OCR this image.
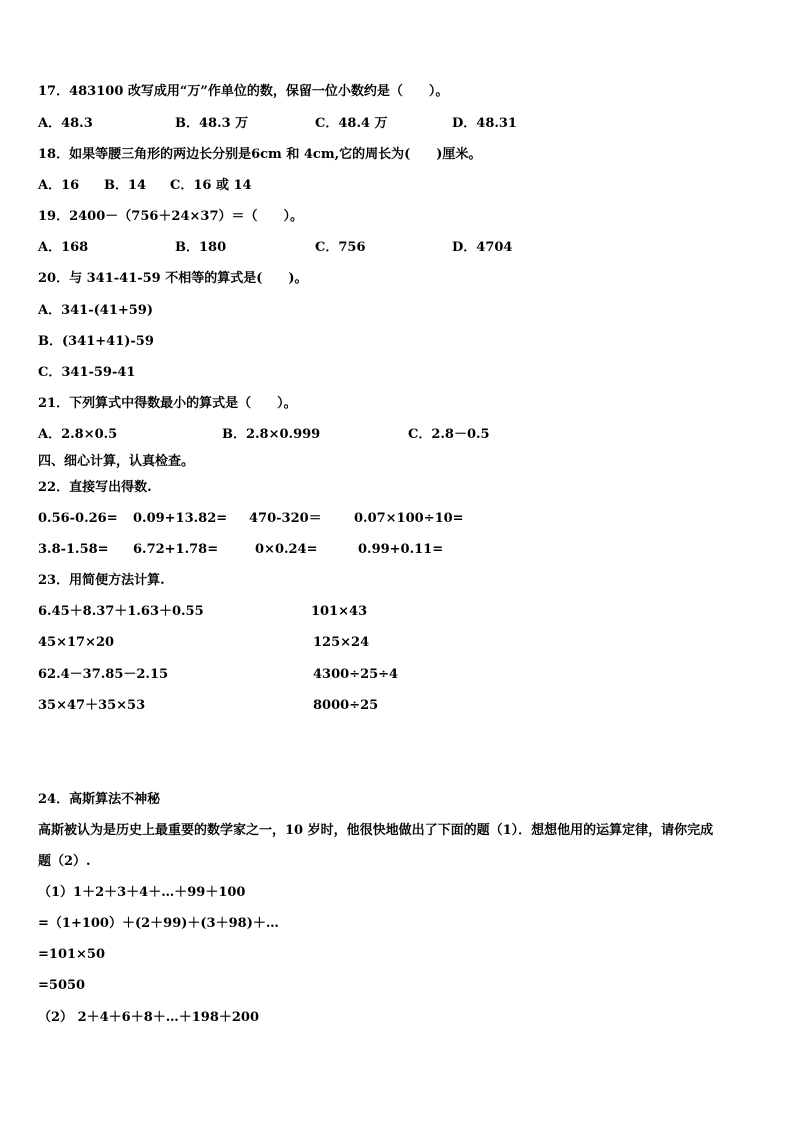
17．483100 改写成用“万”作单位的数，保留一位小数约是（　　）。
A．48.3	B．48.3 万	C．48.4 万	D．48.31
18．如果等腰三角形的两边长分别是6cm 和 4cm,它的周长为(　　)厘米。
A．16 B．14 C．16 或 14
19．2400－（756＋24×37）＝（　　）。
A．168	B．180	C．756	D．4704
20．与 341-41-59 不相等的算式是(　　)。
A．341-(41+59)
B．(341+41)-59
C．341-59-41
21．下列算式中得数最小的算式是（　　）。
A．2.8×0.5	B．2.8×0.999	C．2.8－0.5
四、细心计算，认真检查。
22．直接写出得数.
0.56-0.26= 0.09+13.82= 470-320＝ 0.07×100÷10=
3.8-1.58= 6.72+1.78=	0×0.24=	0.99+0.11=
23．用简便方法计算.
6.45＋8.37＋1.63＋0.55	101×43
45×17×20	125×24
62.4－37.85－2.15	4300÷25÷4
35×47＋35×53	8000÷25
24．高斯算法不神秘
高斯被认为是历史上最重要的数学家之一，10 岁时，他很快地做出了下面的题（1）．想想他用的运算定律，请你完成
题（2）.
（1）1＋2＋3＋4＋…＋99＋100
=（1+100）＋(2＋99)＋(3＋98)＋…
=101×50
=5050
（2） 2＋4＋6＋8＋…＋198＋200
